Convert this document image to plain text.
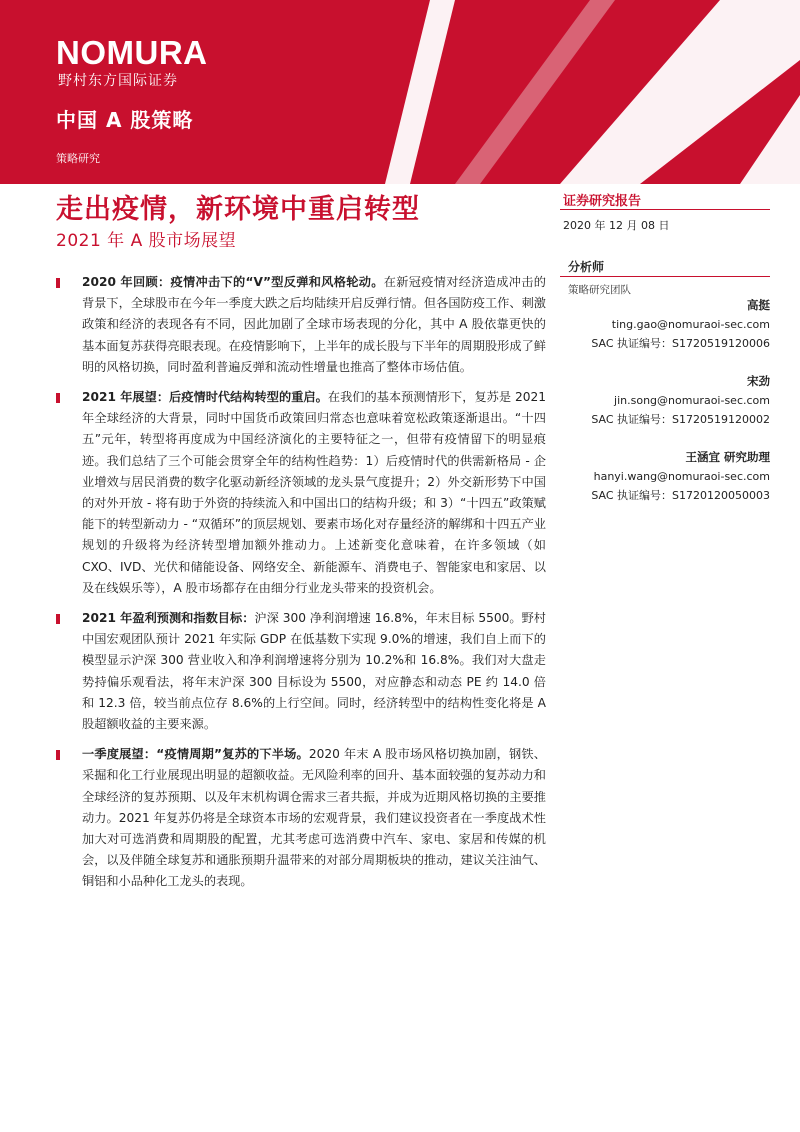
NOMURA
野村东方国际证券
中国 A 股策略
策略研究
走出疫情，新环境中重启转型
2021 年 A 股市场展望
证券研究报告
2020 年 12 月 08 日
分析师
策略研究团队
高挺
ting.gao@nomuraoi-sec.com
SAC 执证编号：S1720519120006
宋劲
jin.song@nomuraoi-sec.com
SAC 执证编号：S1720519120002
王涵宜 研究助理
hanyi.wang@nomuraoi-sec.com
SAC 执证编号：S1720120050003

2020 年回顾：疫情冲击下的“V”型反弹和风格轮动。在新冠疫情对经济造成冲击的背景下，全球股市在今年一季度大跌之后均陆续开启反弹行情。但各国防疫工作、刺激政策和经济的表现各有不同，因此加剧了全球市场表现的分化，其中 A 股依靠更快的基本面复苏获得亮眼表现。在疫情影响下，上半年的成长股与下半年的周期股形成了鲜明的风格切换，同时盈利普遍反弹和流动性增量也推高了整体市场估值。

2021 年展望：后疫情时代结构转型的重启。在我们的基本预测情形下，复苏是 2021 年全球经济的大背景，同时中国货币政策回归常态也意味着宽松政策逐渐退出。“十四五”元年，转型将再度成为中国经济演化的主要特征之一，但带有疫情留下的明显痕迹。我们总结了三个可能会贯穿全年的结构性趋势：1）后疫情时代的供需新格局 - 企业增效与居民消费的数字化驱动新经济领域的龙头景气度提升；2）外交新形势下中国的对外开放 - 将有助于外资的持续流入和中国出口的结构升级；和 3）“十四五”政策赋能下的转型新动力 - “双循环”的顶层规划、要素市场化对存量经济的解绑和十四五产业规划的升级将为经济转型增加额外推动力。上述新变化意味着，在许多领域（如 CXO、IVD、光伏和储能设备、网络安全、新能源车、消费电子、智能家电和家居、以及在线娱乐等），A 股市场都存在由细分行业龙头带来的投资机会。

2021 年盈利预测和指数目标：沪深 300 净利润增速 16.8%，年末目标 5500。野村中国宏观团队预计 2021 年实际 GDP 在低基数下实现 9.0%的增速，我们自上而下的模型显示沪深 300 营业收入和净利润增速将分别为 10.2%和 16.8%。我们对大盘走势持偏乐观看法，将年末沪深 300 目标设为 5500，对应静态和动态 PE 约 14.0 倍和 12.3 倍，较当前点位存 8.6%的上行空间。同时，经济转型中的结构性变化将是 A 股超额收益的主要来源。

一季度展望：“疫情周期”复苏的下半场。2020 年末 A 股市场风格切换加剧，钢铁、采掘和化工行业展现出明显的超额收益。无风险利率的回升、基本面较强的复苏动力和全球经济的复苏预期、以及年末机构调仓需求三者共振，并成为近期风格切换的主要推动力。2021 年复苏仍将是全球资本市场的宏观背景，我们建议投资者在一季度战术性加大对可选消费和周期股的配置，尤其考虑可选消费中汽车、家电、家居和传媒的机会，以及伴随全球复苏和通胀预期升温带来的对部分周期板块的推动，建议关注油气、铜铝和小品种化工龙头的表现。
